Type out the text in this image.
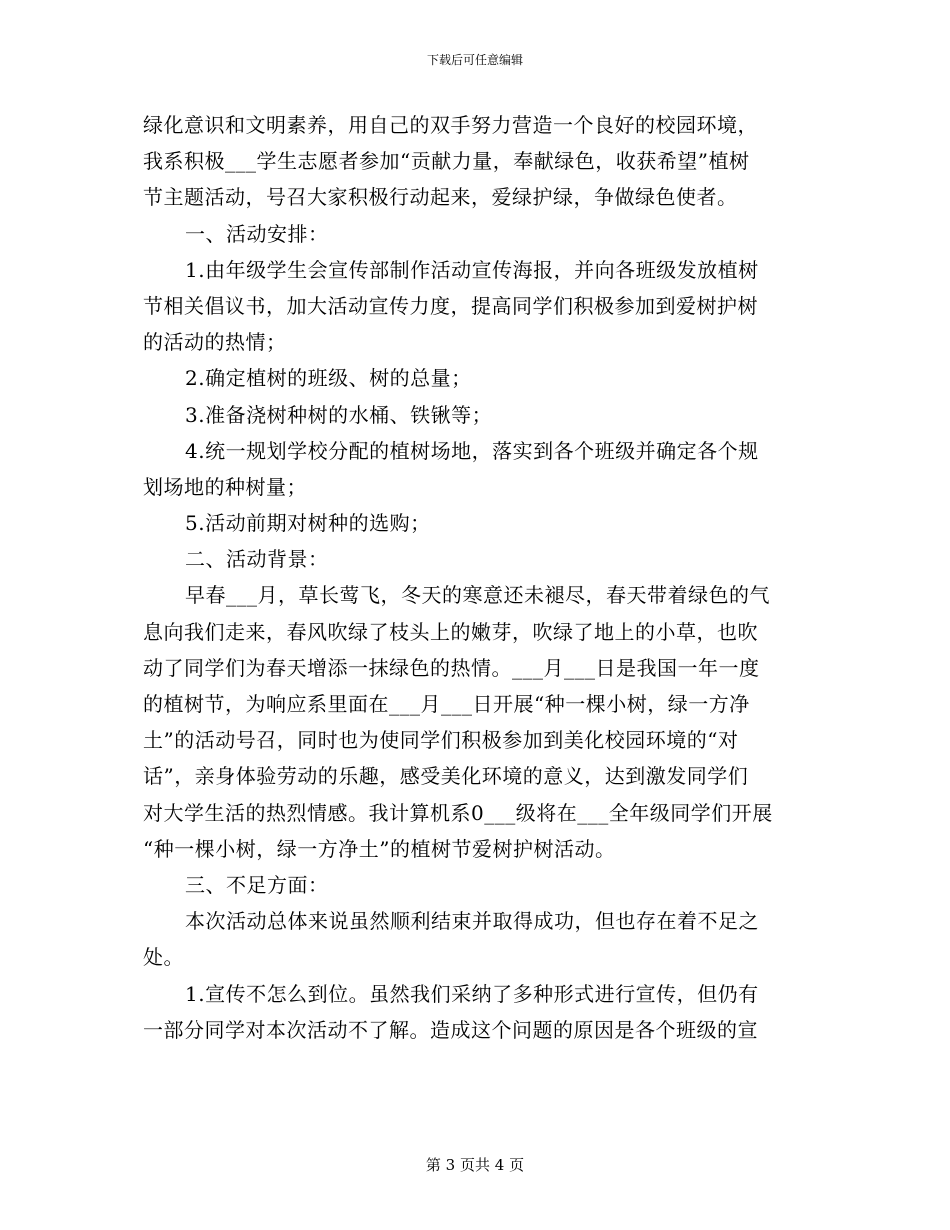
下载后可任意编辑
绿化意识和文明素养，用自己的双手努力营造一个良好的校园环境，
我系积极___学生志愿者参加“贡献力量，奉献绿色，收获希望”植树
节主题活动，号召大家积极行动起来，爱绿护绿，争做绿色使者。
一、活动安排：
1.由年级学生会宣传部制作活动宣传海报，并向各班级发放植树
节相关倡议书，加大活动宣传力度，提高同学们积极参加到爱树护树
的活动的热情；
2.确定植树的班级、树的总量；
3.准备浇树种树的水桶、铁锹等；
4.统一规划学校分配的植树场地，落实到各个班级并确定各个规
划场地的种树量；
5.活动前期对树种的选购；
二、活动背景：
早春___月，草长莺飞，冬天的寒意还未褪尽，春天带着绿色的气
息向我们走来，春风吹绿了枝头上的嫩芽，吹绿了地上的小草，也吹
动了同学们为春天增添一抹绿色的热情。___月___日是我国一年一度
的植树节，为响应系里面在___月___日开展“种一棵小树，绿一方净
土”的活动号召，同时也为使同学们积极参加到美化校园环境的“对
话”，亲身体验劳动的乐趣，感受美化环境的意义，达到激发同学们
对大学生活的热烈情感。我计算机系0___级将在___全年级同学们开展
“种一棵小树，绿一方净土”的植树节爱树护树活动。
三、不足方面：
本次活动总体来说虽然顺利结束并取得成功，但也存在着不足之
处。
1.宣传不怎么到位。虽然我们采纳了多种形式进行宣传，但仍有
一部分同学对本次活动不了解。造成这个问题的原因是各个班级的宣
第 3 页共 4 页
